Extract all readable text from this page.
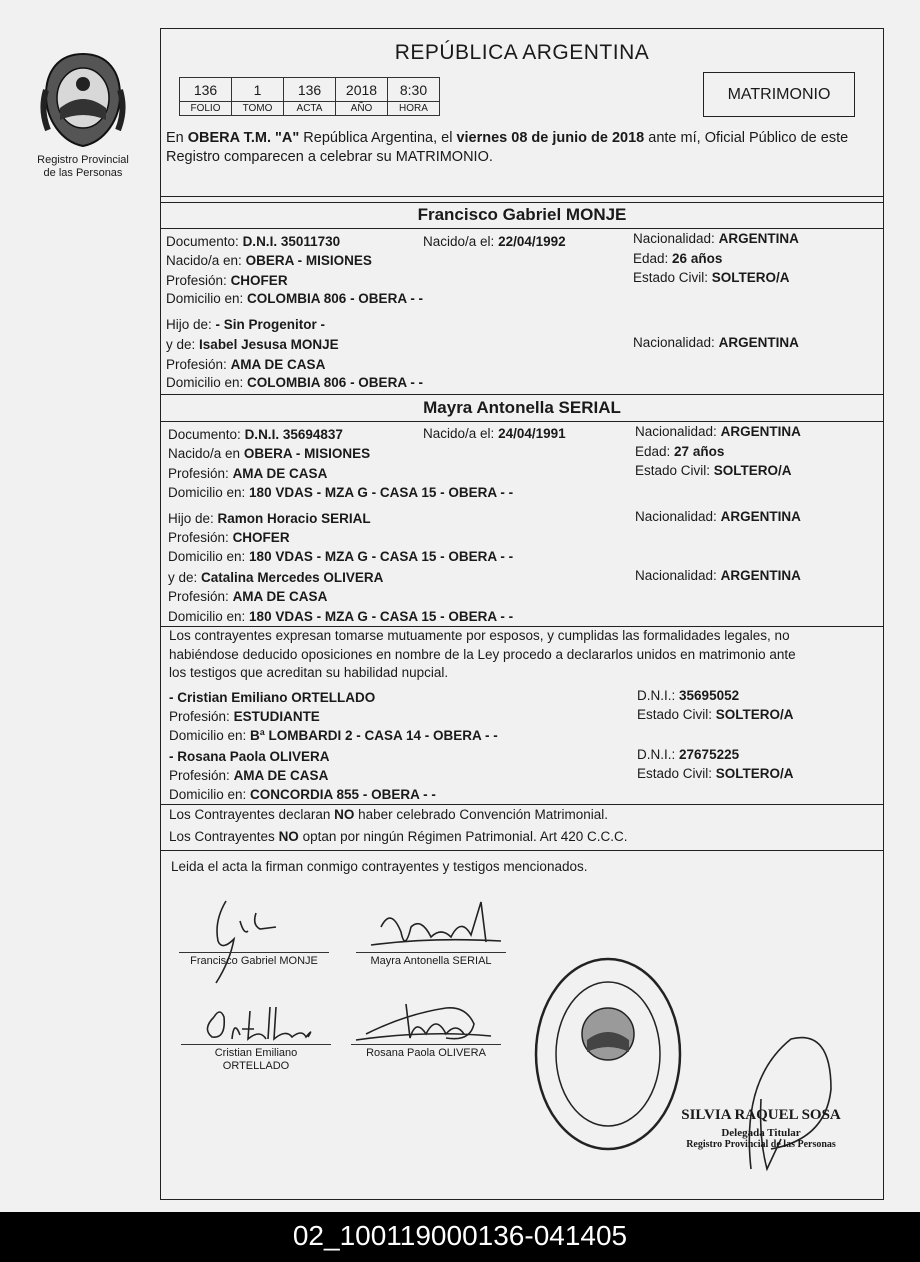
Registro Provincial
de las Personas
REPÚBLICA ARGENTINA
136	1	136	2018	8:30
FOLIO	TOMO	ACTA	AÑO	HORA
MATRIMONIO
En OBERA T.M. "A" República Argentina, el viernes 08 de junio de 2018 ante mí, Oficial Público de este Registro comparecen a celebrar su MATRIMONIO.
Francisco Gabriel MONJE
Documento: D.N.I. 35011730	Nacido/a el: 22/04/1992	Nacionalidad: ARGENTINA
Nacido/a en: OBERA - MISIONES	Edad: 26 años
Profesión: CHOFER	Estado Civil: SOLTERO/A
Domicilio en: COLOMBIA 806 - OBERA - -
Hijo de: - Sin Progenitor -
y de: Isabel Jesusa MONJE	Nacionalidad: ARGENTINA
Profesión: AMA DE CASA
Domicilio en: COLOMBIA 806 - OBERA - -
Mayra Antonella SERIAL
Documento: D.N.I. 35694837	Nacido/a el: 24/04/1991	Nacionalidad: ARGENTINA
Nacido/a en OBERA - MISIONES	Edad: 27 años
Profesión: AMA DE CASA	Estado Civil: SOLTERO/A
Domicilio en: 180 VDAS - MZA G - CASA 15 - OBERA - -
Hijo de: Ramon Horacio SERIAL	Nacionalidad: ARGENTINA
Profesión: CHOFER
Domicilio en: 180 VDAS - MZA G - CASA 15 - OBERA - -
y de: Catalina Mercedes OLIVERA	Nacionalidad: ARGENTINA
Profesión: AMA DE CASA
Domicilio en: 180 VDAS - MZA G - CASA 15 - OBERA - -
Los contrayentes expresan tomarse mutuamente por esposos, y cumplidas las formalidades legales, no
habiéndose deducido oposiciones en nombre de la Ley procedo a declararlos unidos en matrimonio ante
los testigos que acreditan su habilidad nupcial.
- Cristian Emiliano ORTELLADO	D.N.I.: 35695052
Profesión: ESTUDIANTE	Estado Civil: SOLTERO/A
Domicilio en: Bª LOMBARDI 2 - CASA 14 - OBERA - -
- Rosana Paola OLIVERA	D.N.I.: 27675225
Profesión: AMA DE CASA	Estado Civil: SOLTERO/A
Domicilio en: CONCORDIA 855 - OBERA - -
Los Contrayentes declaran NO haber celebrado Convención Matrimonial.
Los Contrayentes NO optan por ningún Régimen Patrimonial. Art 420 C.C.C.
Leida el acta la firman conmigo contrayentes y testigos mencionados.
Francisco Gabriel MONJE	Mayra Antonella SERIAL
Cristian Emiliano
ORTELLADO
Rosana Paola OLIVERA
SILVIA RAQUEL SOSA
Delegada Titular
Registro Provincial de las Personas
02_100119000136-041405
